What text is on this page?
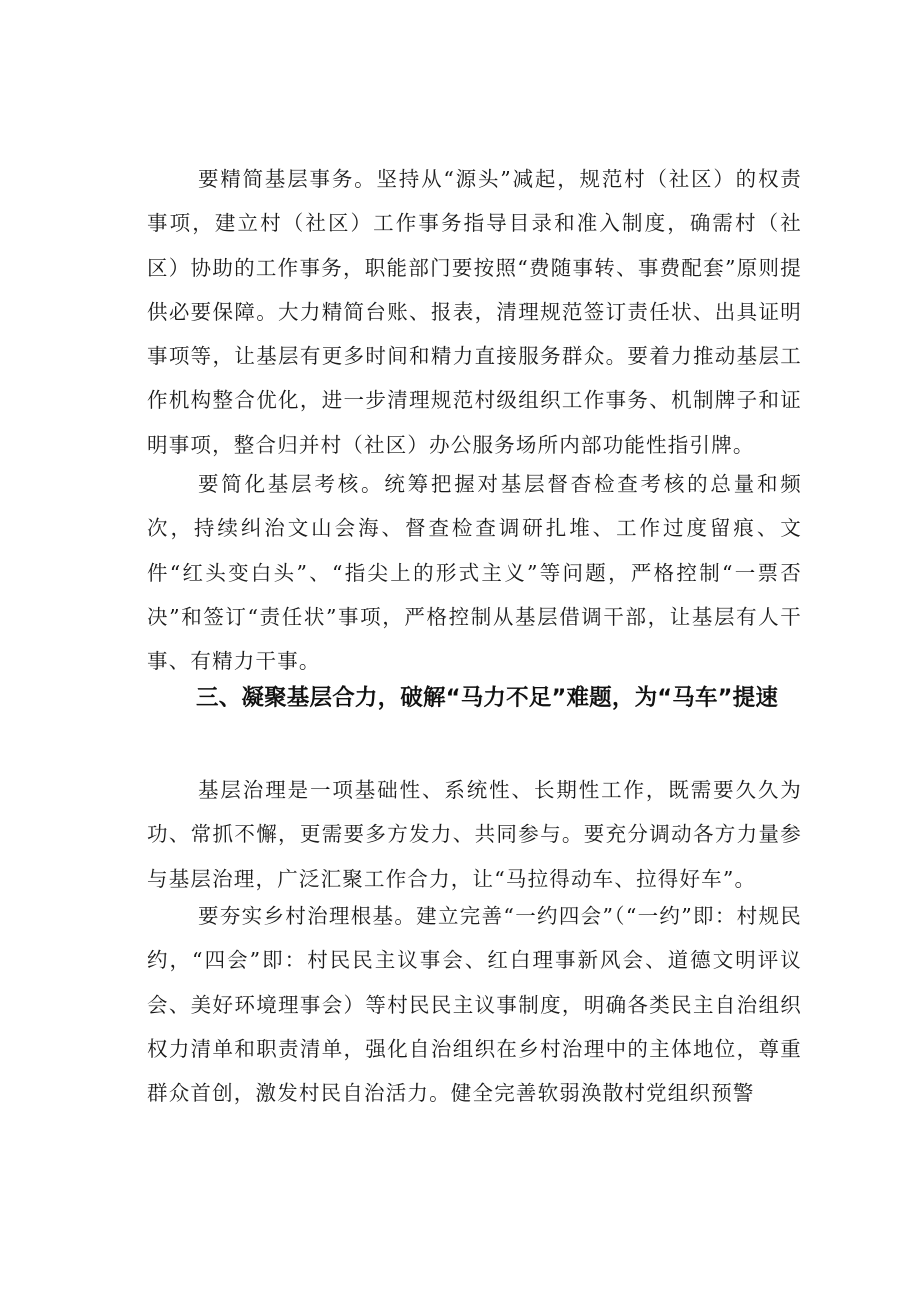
要精简基层事务。坚持从“源头”减起，规范村（社区）的权责事项，建立村（社区）工作事务指导目录和准入制度，确需村（社区）协助的工作事务，职能部门要按照“费随事转、事费配套”原则提供必要保障。大力精简台账、报表，清理规范签订责任状、出具证明事项等，让基层有更多时间和精力直接服务群众。要着力推动基层工作机构整合优化，进一步清理规范村级组织工作事务、机制牌子和证明事项，整合归并村（社区）办公服务场所内部功能性指引牌。

要简化基层考核。统筹把握对基层督杳检查考核的总量和频次，持续纠治文山会海、督查检查调研扎堆、工作过度留痕、文件“红头变白头”、“指尖上的形式主义”等问题，严格控制“一票否决”和签订“责任状”事项，严格控制从基层借调干部，让基层有人干事、有精力干事。

三、凝聚基层合力，破解“马力不足”难题，为“马车”提速

基层治理是一项基础性、系统性、长期性工作，既需要久久为功、常抓不懈，更需要多方发力、共同参与。要充分调动各方力量参与基层治理，广泛汇聚工作合力，让“马拉得动车、拉得好车”。

要夯实乡村治理根基。建立完善“一约四会”（“一约”即：村规民约，“四会”即：村民民主议事会、红白理事新风会、道德文明评议会、美好环境理事会）等村民民主议事制度，明确各类民主自治组织权力清单和职责清单，强化自治组织在乡村治理中的主体地位，尊重群众首创，激发村民自治活力。健全完善软弱涣散村党组织预警
